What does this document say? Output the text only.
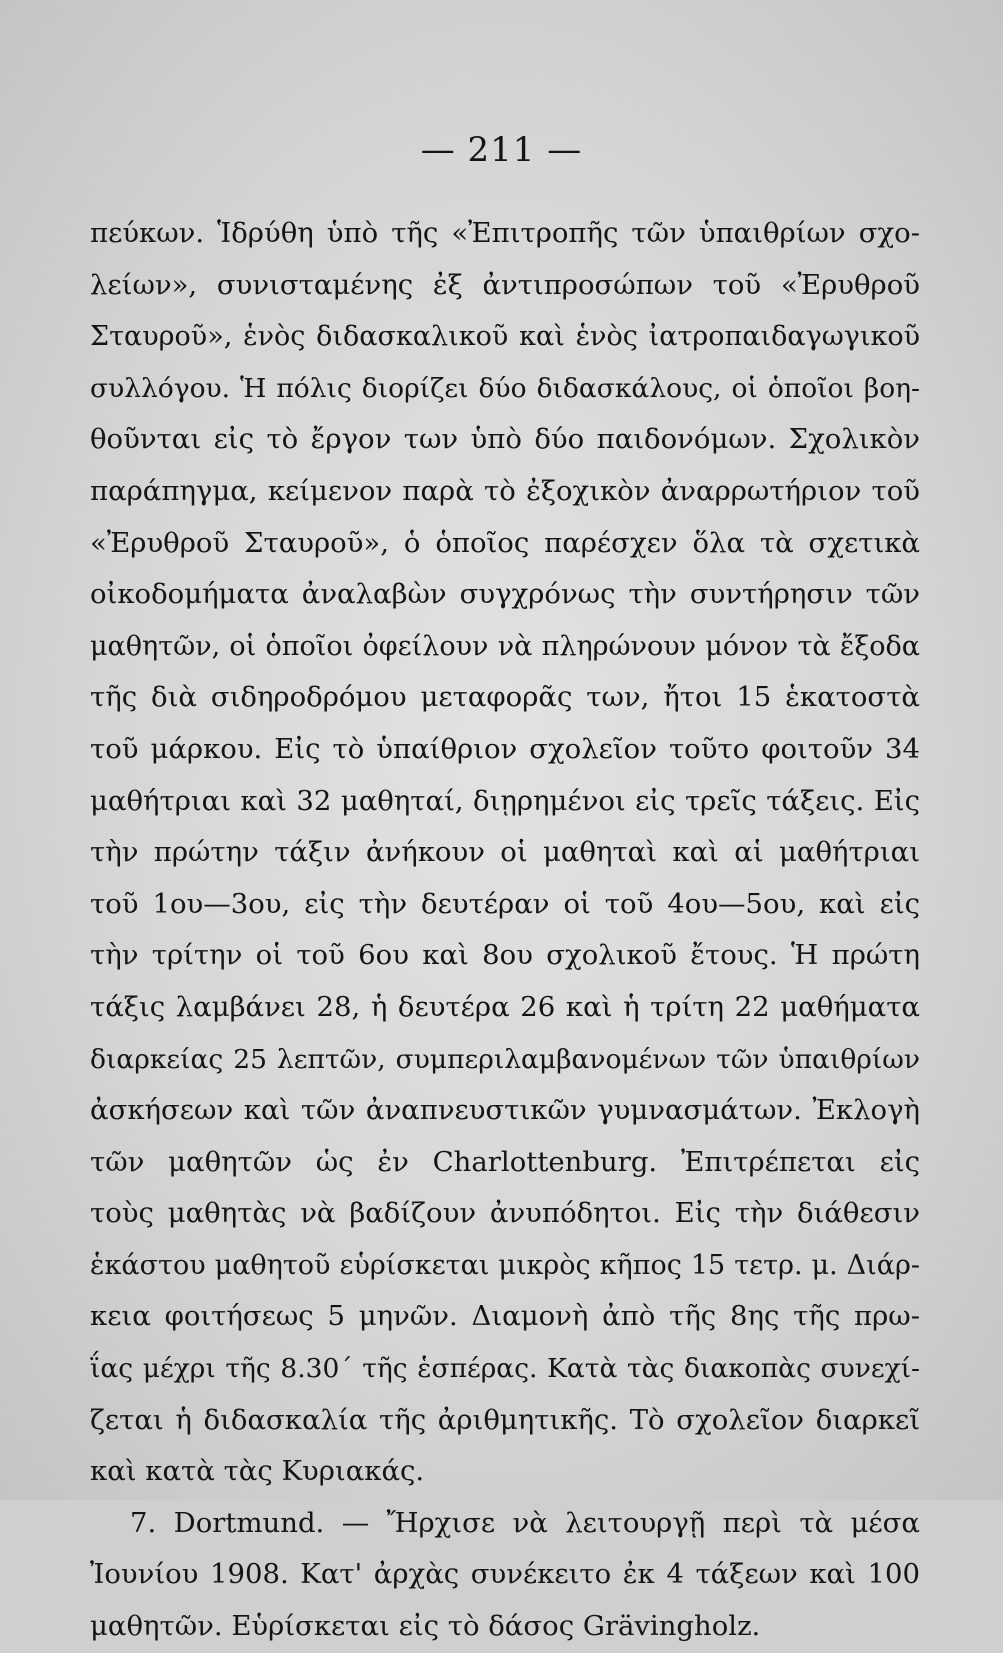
— 211 —
πεύκων. Ἱδρύθη ὑπὸ τῆς «Ἐπιτροπῆς τῶν ὑπαιθρίων σχο-
λείων», συνισταμένης ἐξ ἀντιπροσώπων τοῦ «Ἐρυθροῦ
Σταυροῦ», ἑνὸς διδασκαλικοῦ καὶ ἑνὸς ἰατροπαιδαγωγικοῦ
συλλόγου. Ἡ πόλις διορίζει δύο διδασκάλους, οἱ ὁποῖοι βοη-
θοῦνται εἰς τὸ ἔργον των ὑπὸ δύο παιδονόμων. Σχολικὸν
παράπηγμα, κείμενον παρὰ τὸ ἐξοχικὸν ἀναρρωτήριον τοῦ
«Ἐρυθροῦ Σταυροῦ», ὁ ὁποῖος παρέσχεν ὅλα τὰ σχετικὰ
οἰκοδομήματα ἀναλαβὼν συγχρόνως τὴν συντήρησιν τῶν
μαθητῶν, οἱ ὁποῖοι ὀφείλουν νὰ πληρώνουν μόνον τὰ ἔξοδα
τῆς διὰ σιδηροδρόμου μεταφορᾶς των, ἤτοι 15 ἑκατοστὰ
τοῦ μάρκου. Εἰς τὸ ὑπαίθριον σχολεῖον τοῦτο φοιτοῦν 34
μαθήτριαι καὶ 32 μαθηταί, διῃρημένοι εἰς τρεῖς τάξεις. Εἰς
τὴν πρώτην τάξιν ἀνήκουν οἱ μαθηταὶ καὶ αἱ μαθήτριαι
τοῦ 1ου—3ου, εἰς τὴν δευτέραν οἱ τοῦ 4ου—5ου, καὶ εἰς
τὴν τρίτην οἱ τοῦ 6ου καὶ 8ου σχολικοῦ ἔτους. Ἡ πρώτη
τάξις λαμβάνει 28, ἡ δευτέρα 26 καὶ ἡ τρίτη 22 μαθήματα
διαρκείας 25 λεπτῶν, συμπεριλαμβανομένων τῶν ὑπαιθρίων
ἀσκήσεων καὶ τῶν ἀναπνευστικῶν γυμνασμάτων. Ἐκλογὴ
τῶν μαθητῶν ὡς ἐν Charlottenburg. Ἐπιτρέπεται εἰς
τοὺς μαθητὰς νὰ βαδίζουν ἀνυπόδητοι. Εἰς τὴν διάθεσιν
ἑκάστου μαθητοῦ εὑρίσκεται μικρὸς κῆπος 15 τετρ. μ. Διάρ-
κεια φοιτήσεως 5 μηνῶν. Διαμονὴ ἀπὸ τῆς 8ης τῆς πρω-
ΐας μέχρι τῆς 8.30΄ τῆς ἑσπέρας. Κατὰ τὰς διακοπὰς συνεχί-
ζεται ἡ διδασκαλία τῆς ἀριθμητικῆς. Τὸ σχολεῖον διαρκεῖ
καὶ κατὰ τὰς Κυριακάς.
7. Dortmund. — Ἤρχισε νὰ λειτουργῇ περὶ τὰ μέσα
Ἰουνίου 1908. Κατ' ἀρχὰς συνέκειτο ἐκ 4 τάξεων καὶ 100
μαθητῶν. Εὑρίσκεται εἰς τὸ δάσος Grävingholz.
